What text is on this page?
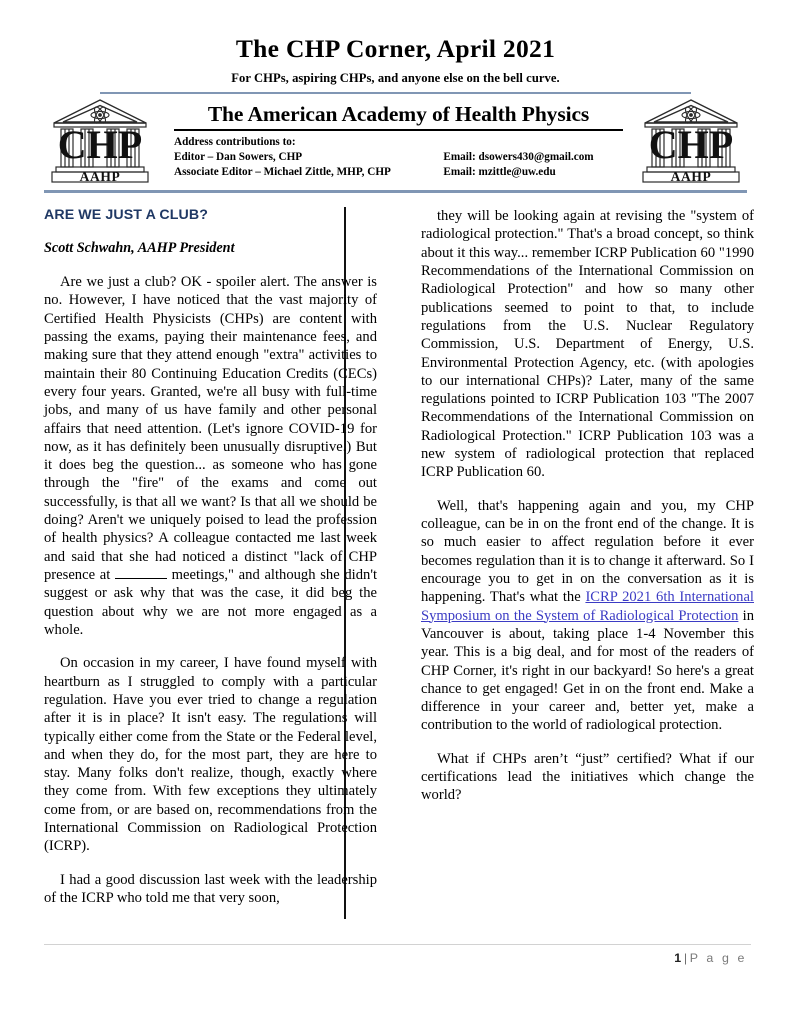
The CHP Corner, April 2021
For CHPs, aspiring CHPs, and anyone else on the bell curve.
CHP
AAHP
The American Academy of Health Physics
Address contributions to:
Editor – Dan Sowers, CHP	Email: dsowers430@gmail.com
Associate Editor – Michael Zittle, MHP, CHP	Email: mzittle@uw.edu
CHP
AAHP
ARE WE JUST A CLUB?
Scott Schwahn, AAHP President

Are we just a club? OK - spoiler alert. The answer is no. However, I have noticed that the vast majority of Certified Health Physicists (CHPs) are content with passing the exams, paying their maintenance fees, and making sure that they attend enough "extra" activities to maintain their 80 Continuing Education Credits (CECs) every four years. Granted, we're all busy with full-time jobs, and many of us have family and other personal affairs that need attention. (Let's ignore COVID-19 for now, as it has definitely been unusually disruptive.) But it does beg the question... as someone who has gone through the "fire" of the exams and come out successfully, is that all we want? Is that all we should be doing? Aren't we uniquely poised to lead the profession of health physics? A colleague contacted me last week and said that she had noticed a distinct "lack of CHP presence at	meetings," and although she didn't suggest or ask why that was the case, it did beg the question about why we are not more engaged as a whole.

On occasion in my career, I have found myself with heartburn as I struggled to comply with a particular regulation. Have you ever tried to change a regulation after it is in place? It isn't easy. The regulations will typically either come from the State or the Federal level, and when they do, for the most part, they are here to stay. Many folks don't realize, though, exactly where they come from. With few exceptions they ultimately come from, or are based on, recommendations from the International Commission on Radiological Protection (ICRP).

I had a good discussion last week with the leadership of the ICRP who told me that very soon,

they will be looking again at revising the "system of radiological protection." That's a broad concept, so think about it this way... remember ICRP Publication 60 "1990 Recommendations of the International Commission on Radiological Protection" and how so many other publications seemed to point to that, to include regulations from the U.S. Nuclear Regulatory Commission, U.S. Department of Energy, U.S. Environmental Protection Agency, etc. (with apologies to our international CHPs)? Later, many of the same regulations pointed to ICRP Publication 103 "The 2007 Recommendations of the International Commission on Radiological Protection." ICRP Publication 103 was a new system of radiological protection that replaced ICRP Publication 60.

Well, that's happening again and you, my CHP colleague, can be in on the front end of the change. It is so much easier to affect regulation before it ever becomes regulation than it is to change it afterward. So I encourage you to get in on the conversation as it is happening. That's what the ICRP 2021 6th International Symposium on the System of Radiological Protection in Vancouver is about, taking place 1-4 November this year. This is a big deal, and for most of the readers of CHP Corner, it's right in our backyard! So here's a great chance to get engaged! Get in on the front end. Make a difference in your career and, better yet, make a contribution to the world of radiological protection.

What if CHPs aren’t “just” certified? What if our certifications lead the initiatives which change the world?

1 | P a g e
